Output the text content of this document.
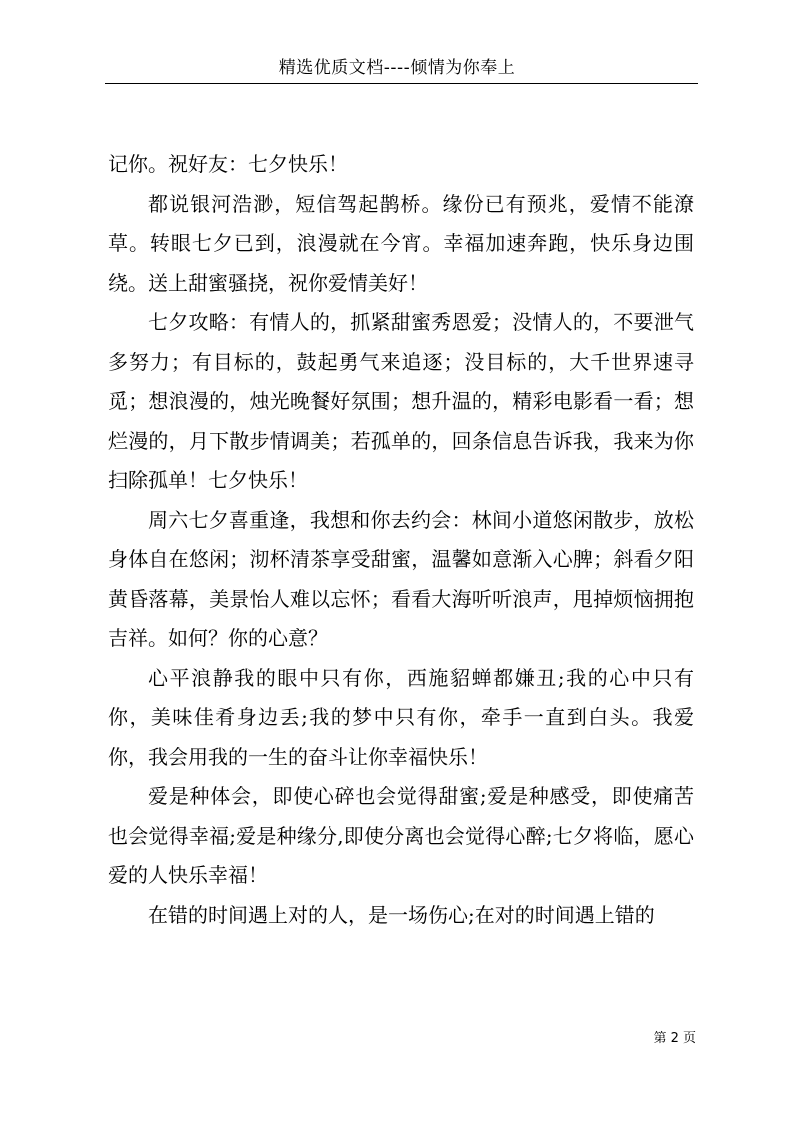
精选优质文档----倾情为你奉上

记你。祝好友：七夕快乐！

都说银河浩渺，短信驾起鹊桥。缘份已有预兆，爱情不能潦草。转眼七夕已到，浪漫就在今宵。幸福加速奔跑，快乐身边围绕。送上甜蜜骚挠，祝你爱情美好！

七夕攻略：有情人的，抓紧甜蜜秀恩爱；没情人的，不要泄气多努力；有目标的，鼓起勇气来追逐；没目标的，大千世界速寻觅；想浪漫的，烛光晚餐好氛围；想升温的，精彩电影看一看；想烂漫的，月下散步情调美；若孤单的，回条信息告诉我，我来为你扫除孤单！七夕快乐！

周六七夕喜重逢，我想和你去约会：林间小道悠闲散步，放松身体自在悠闲；沏杯清茶享受甜蜜，温馨如意渐入心脾；斜看夕阳黄昏落幕，美景怡人难以忘怀；看看大海听听浪声，甩掉烦恼拥抱吉祥。如何？你的心意？

心平浪静我的眼中只有你，西施貂蝉都嫌丑;我的心中只有你，美味佳肴身边丢;我的梦中只有你，牵手一直到白头。我爱你，我会用我的一生的奋斗让你幸福快乐！

爱是种体会，即使心碎也会觉得甜蜜;爱是种感受，即使痛苦也会觉得幸福;爱是种缘分,即使分离也会觉得心醉;七夕将临，愿心爱的人快乐幸福！

在错的时间遇上对的人，是一场伤心;在对的时间遇上错的

第 2 页
